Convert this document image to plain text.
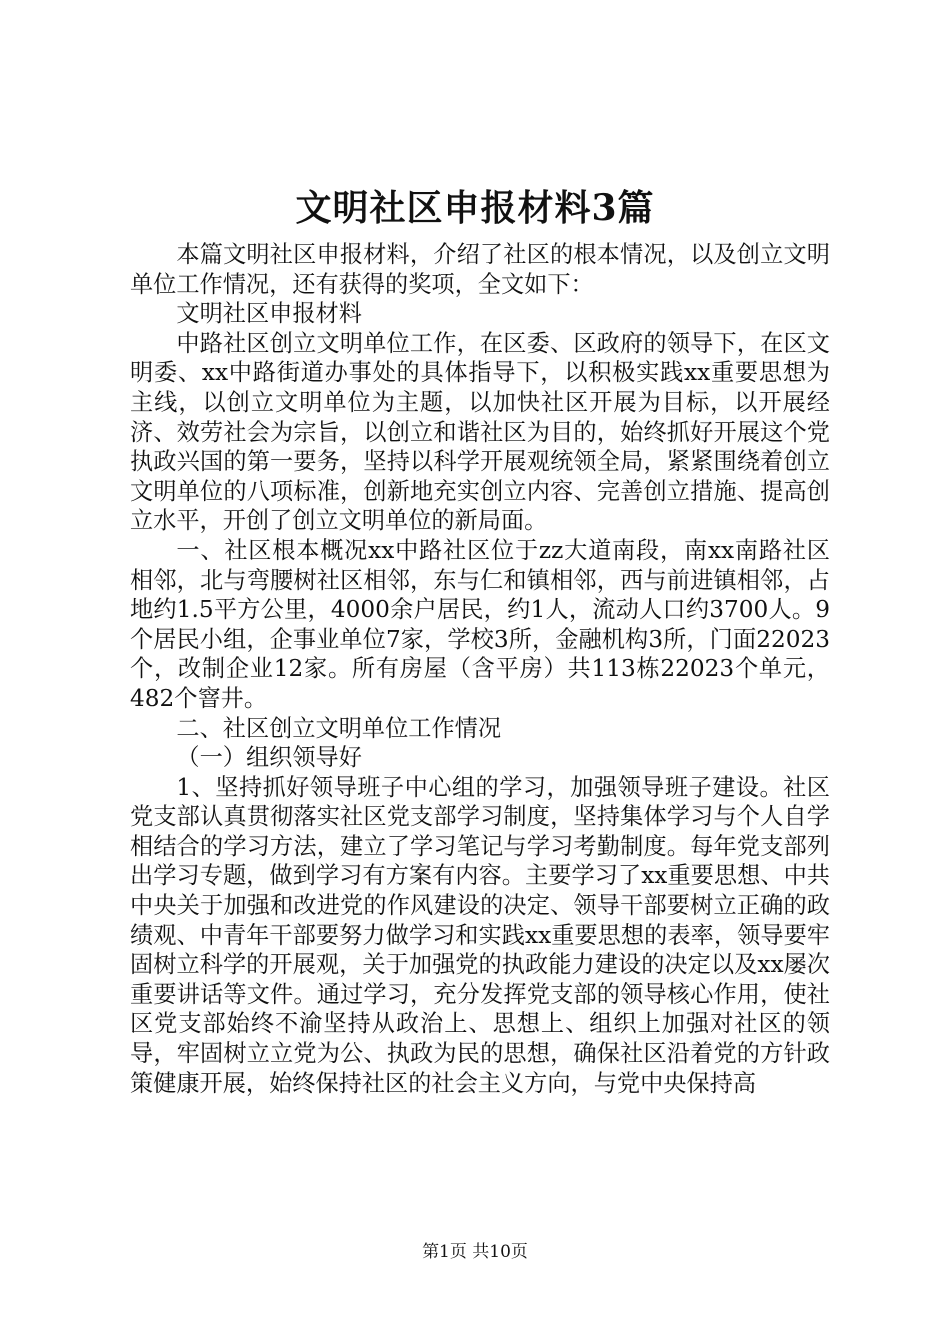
文明社区申报材料3篇

本篇文明社区申报材料，介绍了社区的根本情况，以及创立文明单位工作情况，还有获得的奖项，全文如下：

文明社区申报材料

中路社区创立文明单位工作，在区委、区政府的领导下，在区文明委、xx中路街道办事处的具体指导下，以积极实践xx重要思想为主线，以创立文明单位为主题，以加快社区开展为目标，以开展经济、效劳社会为宗旨，以创立和谐社区为目的，始终抓好开展这个党执政兴国的第一要务，坚持以科学开展观统领全局，紧紧围绕着创立文明单位的八项标准，创新地充实创立内容、完善创立措施、提高创立水平，开创了创立文明单位的新局面。

一、社区根本概况xx中路社区位于zz大道南段，南xx南路社区相邻，北与弯腰树社区相邻，东与仁和镇相邻，西与前进镇相邻，占地约1.5平方公里，4000余户居民，约1人，流动人口约3700人。9个居民小组，企事业单位7家，学校3所，金融机构3所，门面22023个，改制企业12家。所有房屋（含平房）共113栋22023个单元，482个窨井。

二、社区创立文明单位工作情况

（一）组织领导好

1、坚持抓好领导班子中心组的学习，加强领导班子建设。社区党支部认真贯彻落实社区党支部学习制度，坚持集体学习与个人自学相结合的学习方法，建立了学习笔记与学习考勤制度。每年党支部列出学习专题，做到学习有方案有内容。主要学习了xx重要思想、中共中央关于加强和改进党的作风建设的决定、领导干部要树立正确的政绩观、中青年干部要努力做学习和实践xx重要思想的表率，领导要牢固树立科学的开展观，关于加强党的执政能力建设的决定以及xx屡次重要讲话等文件。通过学习，充分发挥党支部的领导核心作用，使社区党支部始终不渝坚持从政治上、思想上、组织上加强对社区的领导，牢固树立立党为公、执政为民的思想，确保社区沿着党的方针政策健康开展，始终保持社区的社会主义方向，与党中央保持高

第1页 共10页
